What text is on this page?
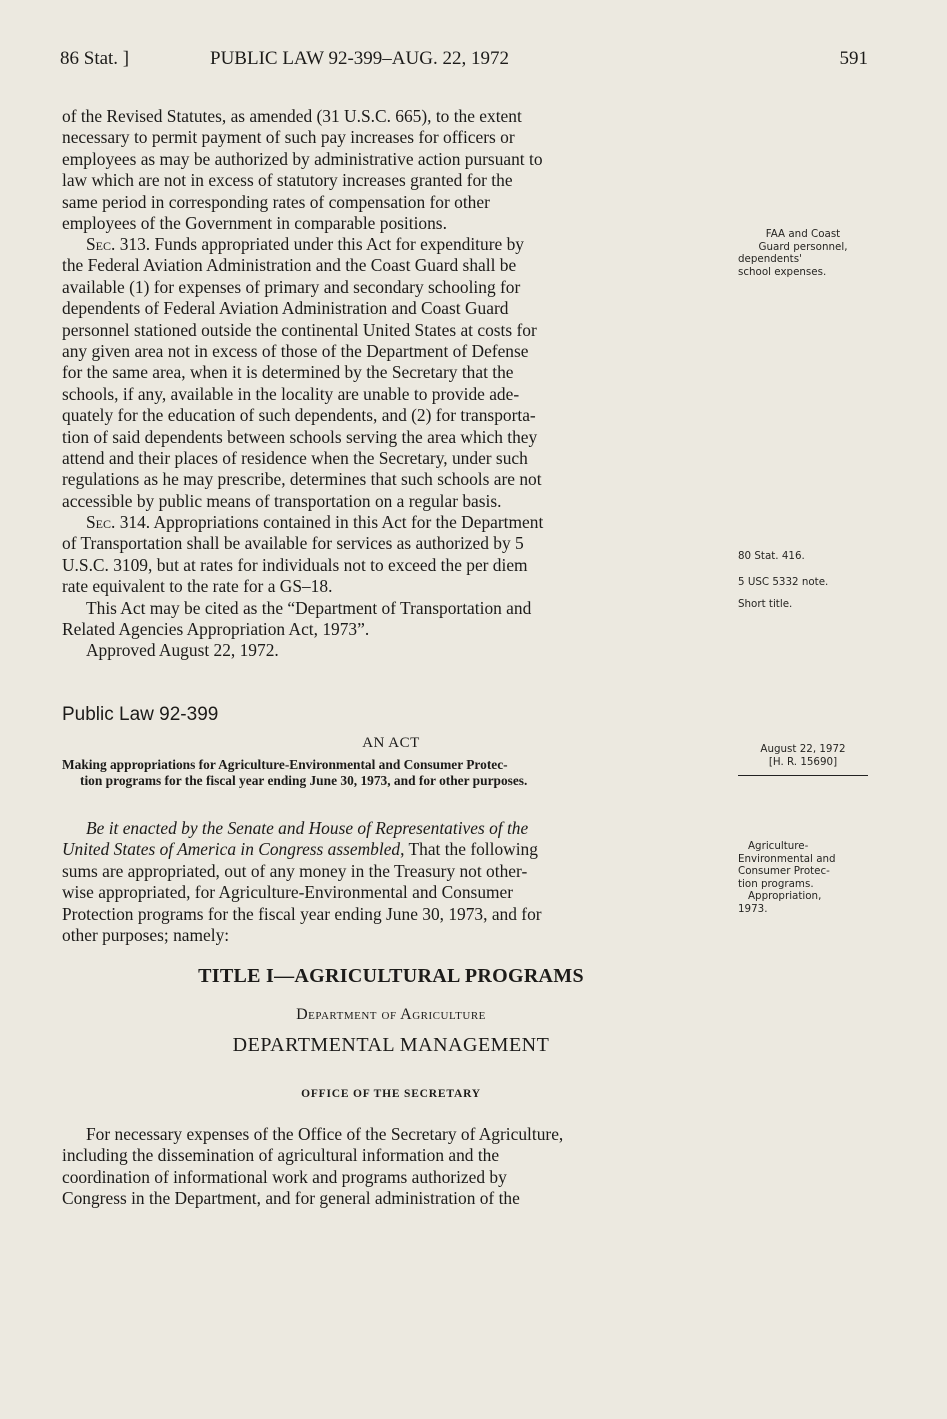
86 Stat. ]	PUBLIC LAW 92-399–AUG. 22, 1972	591

of the Revised Statutes, as amended (31 U.S.C. 665), to the extent

necessary to permit payment of such pay increases for officers or

employees as may be authorized by administrative action pursuant to

law which are not in excess of statutory increases granted for the

same period in corresponding rates of compensation for other

employees of the Government in comparable positions.

Sec. 313. Funds appropriated under this Act for expenditure by

the Federal Aviation Administration and the Coast Guard shall be

available (1) for expenses of primary and secondary schooling for

dependents of Federal Aviation Administration and Coast Guard

personnel stationed outside the continental United States at costs for

any given area not in excess of those of the Department of Defense

for the same area, when it is determined by the Secretary that the

schools, if any, available in the locality are unable to provide ade-

quately for the education of such dependents, and (2) for transporta-

tion of said dependents between schools serving the area which they

attend and their places of residence when the Secretary, under such

regulations as he may prescribe, determines that such schools are not

accessible by public means of transportation on a regular basis.

Sec. 314. Appropriations contained in this Act for the Department

of Transportation shall be available for services as authorized by 5

U.S.C. 3109, but at rates for individuals not to exceed the per diem

rate equivalent to the rate for a GS–18.

This Act may be cited as the “Department of Transportation and

Related Agencies Appropriation Act, 1973”.

Approved August 22, 1972.

Public Law 92-399
AN ACT
Making appropriations for Agriculture-Environmental and Consumer Protec-
tion programs for the fiscal year ending June 30, 1973, and for other purposes.

Be it enacted by the Senate and House of Representatives of the

United States of America in Congress assembled, That the following

sums are appropriated, out of any money in the Treasury not other-

wise appropriated, for Agriculture-Environmental and Consumer

Protection programs for the fiscal year ending June 30, 1973, and for

other purposes; namely:

TITLE I—AGRICULTURAL PROGRAMS
Department of Agriculture
DEPARTMENTAL MANAGEMENT
OFFICE OF THE SECRETARY

For necessary expenses of the Office of the Secretary of Agriculture,

including the dissemination of agricultural information and the

coordination of informational work and programs authorized by

Congress in the Department, and for general administration of the

FAA and Coast
Guard personnel,
dependents'
school expenses.
80 Stat. 416.
5 USC 5332 note.
Short title.
August 22, 1972
[H. R. 15690]
Agriculture-
Environmental and
Consumer Protec-
tion programs.
Appropriation,
1973.
